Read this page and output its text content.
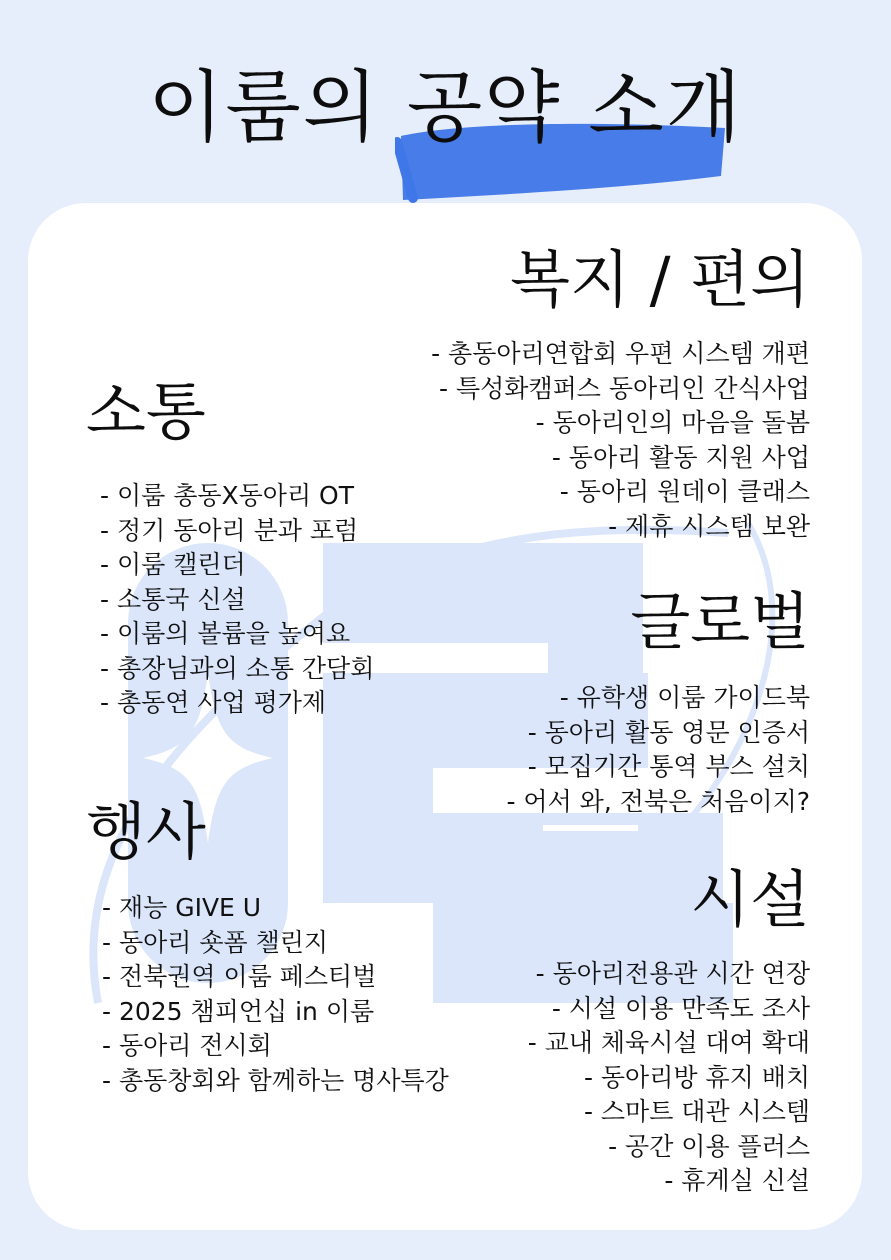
이룸의 공약 소개
복지 / 편의
- 총동아리연합회 우편 시스템 개편
- 특성화캠퍼스 동아리인 간식사업
- 동아리인의 마음을 돌봄
- 동아리 활동 지원 사업
- 동아리 원데이 클래스
- 제휴 시스템 보완
소통
- 이룸 총동X동아리 OT
- 정기 동아리 분과 포럼
- 이룸 캘린더
- 소통국 신설
- 이룸의 볼륨을 높여요
- 총장님과의 소통 간담회
- 총동연 사업 평가제
글로벌
- 유학생 이룸 가이드북
- 동아리 활동 영문 인증서
- 모집기간 통역 부스 설치
- 어서 와, 전북은 처음이지?
행사
- 재능 GIVE U
- 동아리 숏폼 챌린지
- 전북권역 이룸 페스티벌
- 2025 챔피언십 in 이룸
- 동아리 전시회
- 총동창회와 함께하는 명사특강
시설
- 동아리전용관 시간 연장
- 시설 이용 만족도 조사
- 교내 체육시설 대여 확대
- 동아리방 휴지 배치
- 스마트 대관 시스템
- 공간 이용 플러스
- 휴게실 신설
